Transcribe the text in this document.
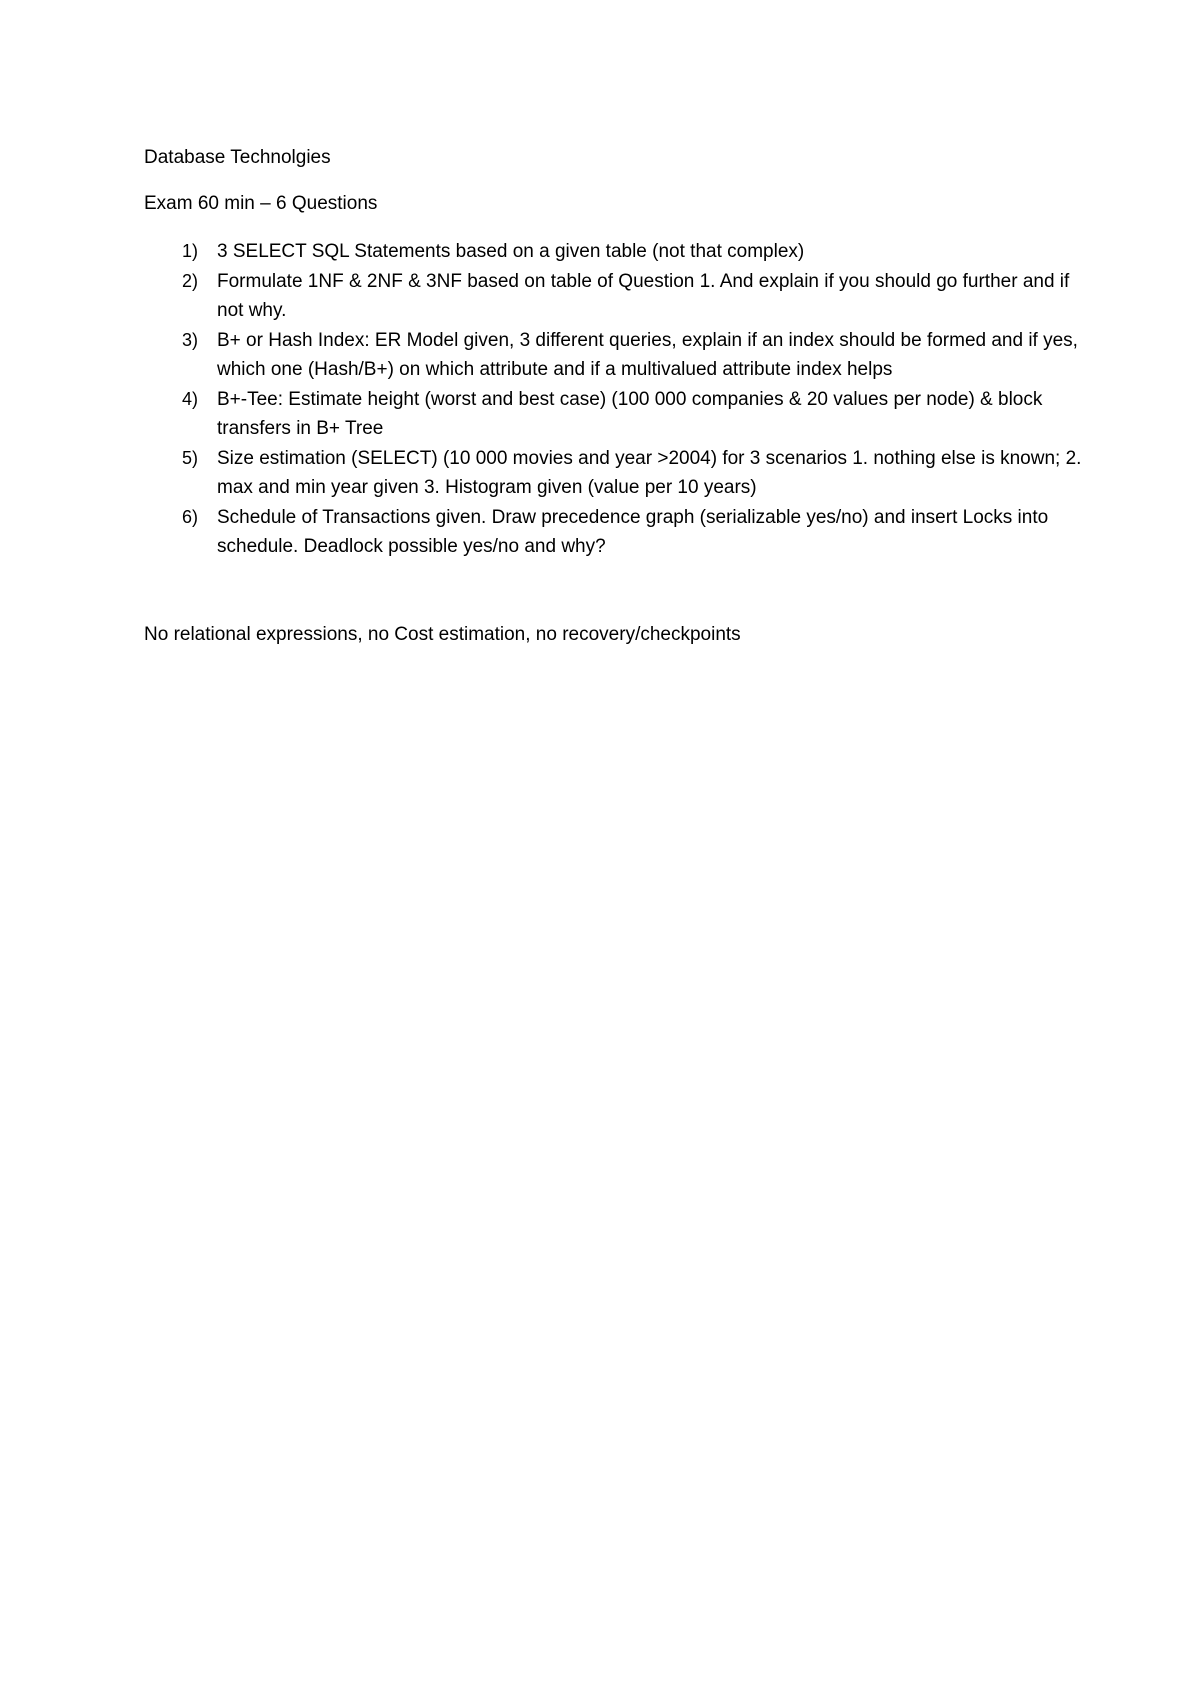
Database Technolgies
Exam 60 min – 6 Questions
1) 3 SELECT SQL Statements based on a given table (not that complex)
2) Formulate 1NF & 2NF & 3NF based on table of Question 1. And explain if you should go further and if not why.
3) B+ or Hash Index: ER Model given, 3 different queries, explain if an index should be formed and if yes, which one (Hash/B+) on which attribute and if a multivalued attribute index helps
4) B+-Tee: Estimate height (worst and best case) (100 000 companies & 20 values per node) & block transfers in B+ Tree
5) Size estimation (SELECT) (10 000 movies and year >2004) for 3 scenarios 1. nothing else is known; 2. max and min year given 3. Histogram given (value per 10 years)
6) Schedule of Transactions given. Draw precedence graph (serializable yes/no) and insert Locks into schedule. Deadlock possible yes/no and why?
No relational expressions, no Cost estimation, no recovery/checkpoints
